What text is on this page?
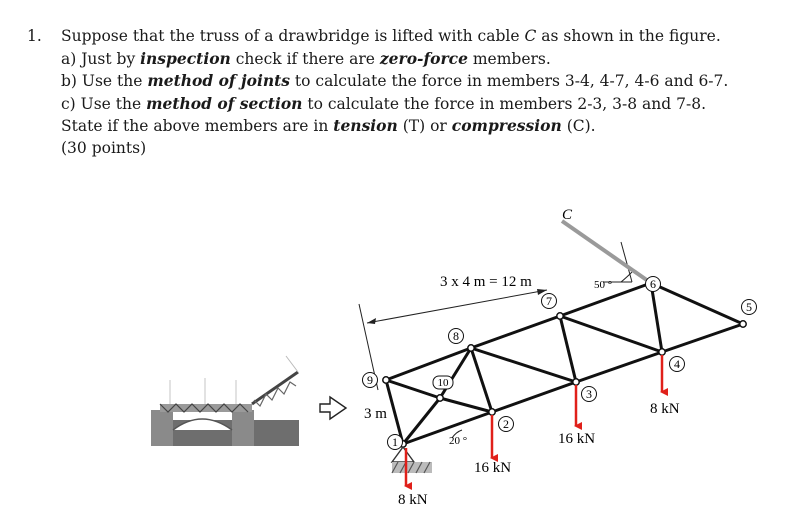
1. Suppose that the truss of a drawbridge is lifted with cable C as shown in the figure.
a) Just by inspection check if there are zero-force members.
b) Use the method of joints to calculate the force in members 3-4, 4-7, 4-6 and 6-7.
c) Use the method of section to calculate the force in members 2-3, 3-8 and 7-8.
State if the above members are in tension (T) or compression (C).
(30 points)
C
8 kN
16 kN
16 kN
8 kN
3 x 4 m = 12 m
3 m
50 °
20 °
1
2
3
4
5
6
7
8
9	10
